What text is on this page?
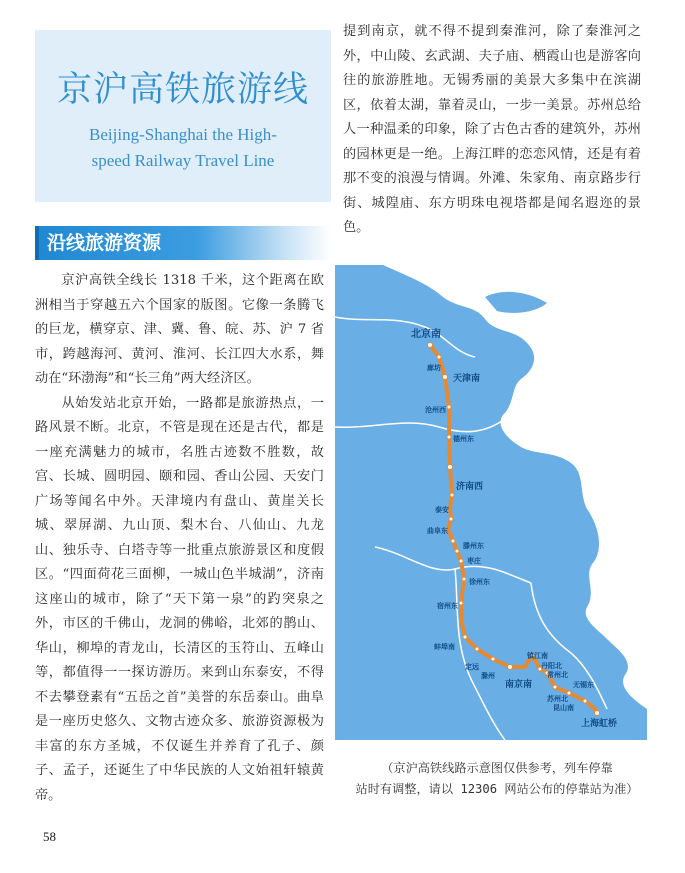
京沪高铁旅游线
Beijing-Shanghai the High-
speed Railway Travel Line
沿线旅游资源

京沪高铁全线长 1318 千米，这个距离在欧洲相当于穿越五六个国家的版图。它像一条腾飞的巨龙，横穿京、津、冀、鲁、皖、苏、沪 7 省市，跨越海河、黄河、淮河、长江四大水系，舞动在“环渤海”和“长三角”两大经济区。

从始发站北京开始，一路都是旅游热点，一路风景不断。北京，不管是现在还是古代，都是一座充满魅力的城市，名胜古迹数不胜数，故宫、长城、圆明园、颐和园、香山公园、天安门广场等闻名中外。天津境内有盘山、黄崖关长城、翠屏湖、九山顶、梨木台、八仙山、九龙山、独乐寺、白塔寺等一批重点旅游景区和度假区。“四面荷花三面柳，一城山色半城湖”，济南这座山的城市，除了“天下第一泉”的趵突泉之外，市区的千佛山，龙洞的佛峪，北郊的鹊山、华山，柳埠的青龙山，长清区的玉符山、五峰山等，都值得一一探访游历。来到山东泰安，不得不去攀登素有“五岳之首”美誉的东岳泰山。曲阜是一座历史悠久、文物古迹众多、旅游资源极为丰富的东方圣城，不仅诞生并养育了孔子、颜子、孟子，还诞生了中华民族的人文始祖轩辕黄帝。

提到南京，就不得不提到秦淮河，除了秦淮河之外，中山陵、玄武湖、夫子庙、栖霞山也是游客向往的旅游胜地。无锡秀丽的美景大多集中在滨湖区，依着太湖，靠着灵山，一步一美景。苏州总给人一种温柔的印象，除了古色古香的建筑外，苏州的园林更是一绝。上海江畔的恋恋风情，还是有着那不变的浪漫与情调。外滩、朱家角、南京路步行街、城隍庙、东方明珠电视塔都是闻名遐迩的景色。

北京南
廊坊
天津南
沧州西
德州东
济南西
泰安
曲阜东
滕州东
枣庄
徐州东
宿州东
蚌埠南
定远
滁州
南京南
镇江南
丹阳北
常州北
无锡东
苏州北
昆山南
上海虹桥
（京沪高铁线路示意图仅供参考，列车停靠
站时有调整，请以 12306 网站公布的停靠站为准）
58
